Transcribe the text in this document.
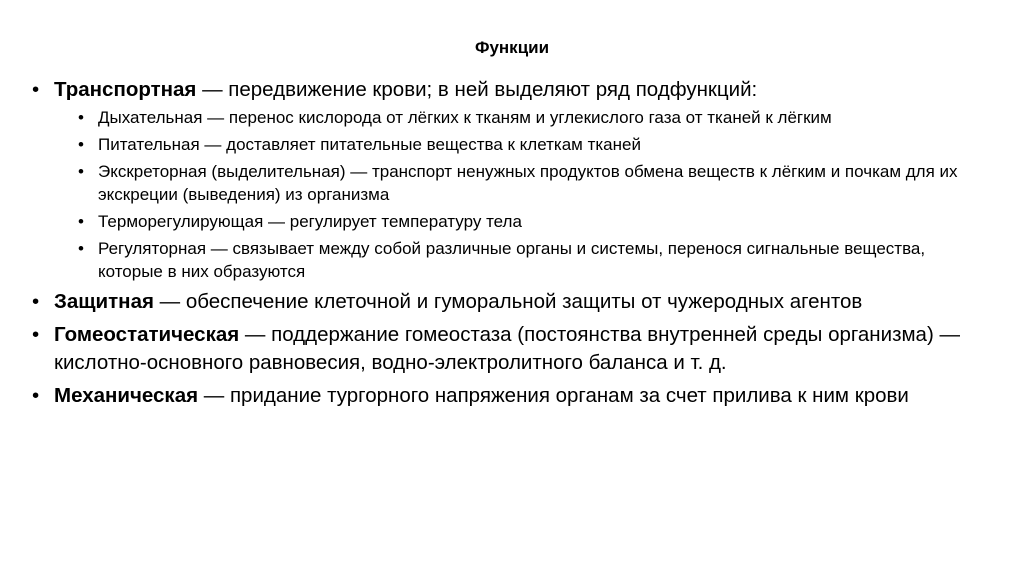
Функции
• Транспортная — передвижение крови; в ней выделяют ряд подфункций:
• Дыхательная — перенос кислорода от лёгких к тканям и углекислого газа от тканей к лёгким
• Питательная — доставляет питательные вещества к клеткам тканей
• Экскреторная (выделительная) — транспорт ненужных продуктов обмена веществ к лёгким и почкам для их экскреции (выведения) из организма
• Терморегулирующая — регулирует температуру тела
• Регуляторная — связывает между собой различные органы и системы, перенося сигнальные вещества, которые в них образуются
• Защитная — обеспечение клеточной и гуморальной защиты от чужеродных агентов
• Гомеостатическая — поддержание гомеостаза (постоянства внутренней среды организма) — кислотно-основного равновесия, водно-электролитного баланса и т. д.
• Механическая — придание тургорного напряжения органам за счет прилива к ним крови
